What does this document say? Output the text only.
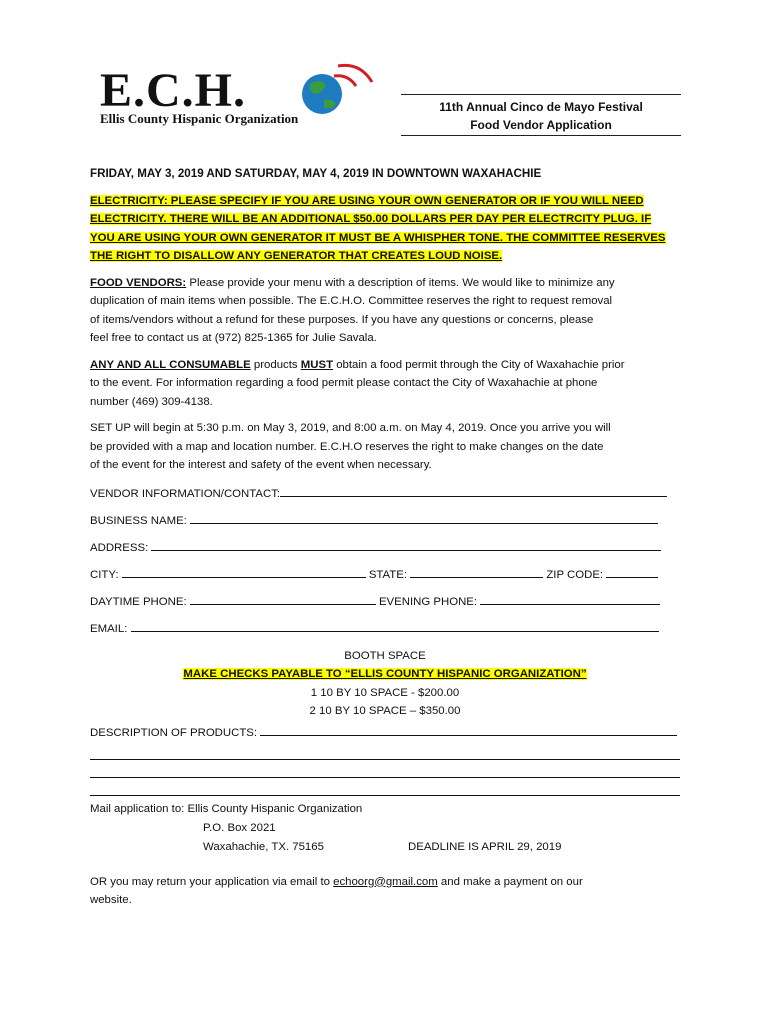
E.C.H.
Ellis County Hispanic Organization
11th Annual Cinco de Mayo Festival
Food Vendor Application

FRIDAY, MAY 3, 2019 AND SATURDAY, MAY 4, 2019 IN DOWNTOWN WAXAHACHIE

ELECTRICITY: PLEASE SPECIFY IF YOU ARE USING YOUR OWN GENERATOR OR IF YOU WILL NEED

ELECTRICITY. THERE WILL BE AN ADDITIONAL $50.00 DOLLARS PER DAY PER ELECTRCITY PLUG. IF

YOU ARE USING YOUR OWN GENERATOR IT MUST BE A WHISPHER TONE. THE COMMITTEE RESERVES

THE RIGHT TO DISALLOW ANY GENERATOR THAT CREATES LOUD NOISE.

FOOD VENDORS: Please provide your menu with a description of items. We would like to minimize any

duplication of main items when possible. The E.C.H.O. Committee reserves the right to request removal

of items/vendors without a refund for these purposes. If you have any questions or concerns, please

feel free to contact us at (972) 825-1365 for Julie Savala.

ANY AND ALL CONSUMABLE products MUST obtain a food permit through the City of Waxahachie prior

to the event. For information regarding a food permit please contact the City of Waxahachie at phone

number (469) 309-4138.

SET UP will begin at 5:30 p.m. on May 3, 2019, and 8:00 a.m. on May 4, 2019. Once you arrive you will

be provided with a map and location number. E.C.H.O reserves the right to make changes on the date

of the event for the interest and safety of the event when necessary.

VENDOR INFORMATION/CONTACT:
BUSINESS NAME:
ADDRESS:
CITY:	STATE:	ZIP CODE:
DAYTIME PHONE:	EVENING PHONE:
EMAIL:

BOOTH SPACE

MAKE CHECKS PAYABLE TO “ELLIS COUNTY HISPANIC ORGANIZATION”

1 10 BY 10 SPACE - $200.00

2 10 BY 10 SPACE – $350.00

DESCRIPTION OF PRODUCTS:
Mail application to: Ellis County Hispanic Organization
P.O. Box 2021
Waxahachie, TX. 75165	DEADLINE IS APRIL 29, 2019

OR you may return your application via email to echoorg@gmail.com and make a payment on our

website.
